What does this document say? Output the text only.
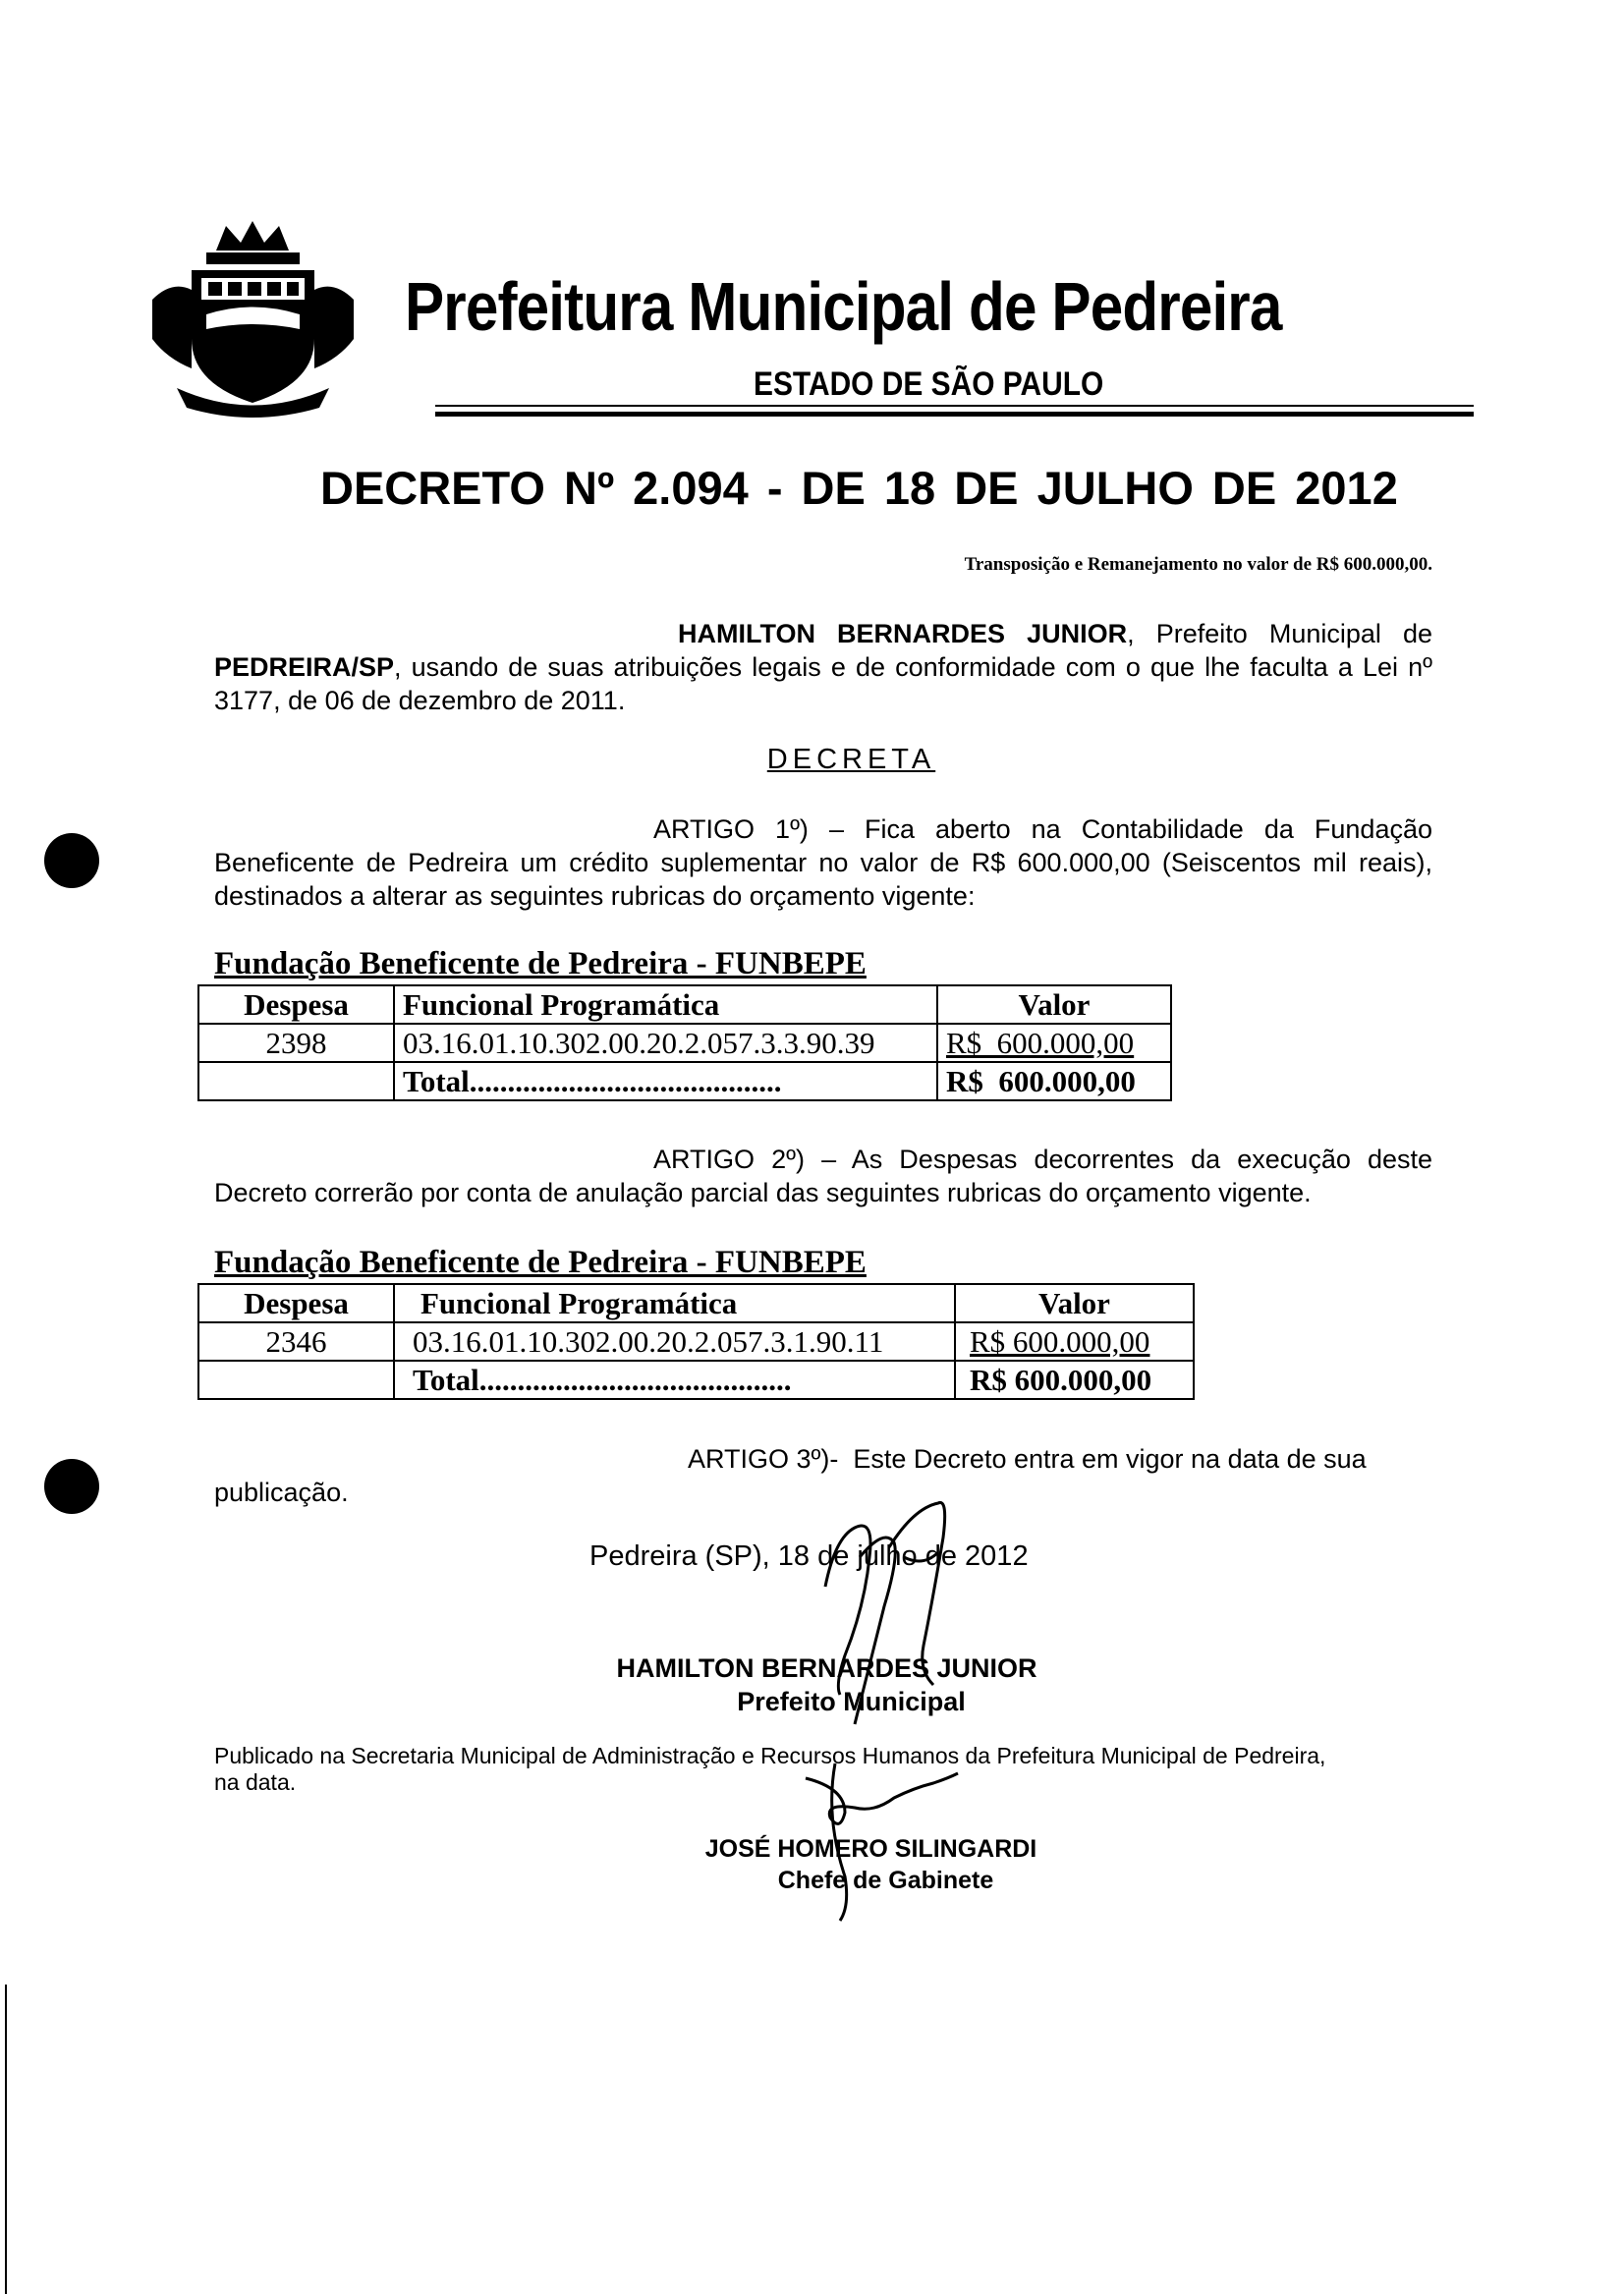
Prefeitura Municipal de Pedreira
ESTADO DE SÃO PAULO
DECRETO Nº 2.094 - DE 18 DE JULHO DE 2012
Transposição e Remanejamento no valor de R$ 600.000,00.
HAMILTON BERNARDES JUNIOR, Prefeito Municipal de PEDREIRA/SP, usando de suas atribuições legais e de conformidade com o que lhe faculta a Lei nº 3177, de 06 de dezembro de 2011.
DECRETA
ARTIGO 1º) – Fica aberto na Contabilidade da Fundação Beneficente de Pedreira um crédito suplementar no valor de R$ 600.000,00 (Seiscentos mil reais), destinados a alterar as seguintes rubricas do orçamento vigente:
Fundação Beneficente de Pedreira - FUNBEPE
Despesa	Funcional Programática	Valor
2398	03.16.01.10.302.00.20.2.057.3.3.90.39	R$  600.000,00
	Total.........................................	R$  600.000,00
ARTIGO 2º) – As Despesas decorrentes da execução deste Decreto correrão por conta de anulação parcial das seguintes rubricas do orçamento vigente.
Fundação Beneficente de Pedreira - FUNBEPE
Despesa	Funcional Programática	Valor
2346	03.16.01.10.302.00.20.2.057.3.1.90.11	R$ 600.000,00
	Total.........................................	R$ 600.000,00
ARTIGO 3º)-  Este Decreto entra em vigor na data de sua
publicação.
Pedreira (SP), 18 de julho de 2012
HAMILTON BERNARDES JUNIOR
Prefeito Municipal
Publicado na Secretaria Municipal de Administração e Recursos Humanos da Prefeitura Municipal de Pedreira, na data.
JOSÉ HOMERO SILINGARDI
Chefe de Gabinete
